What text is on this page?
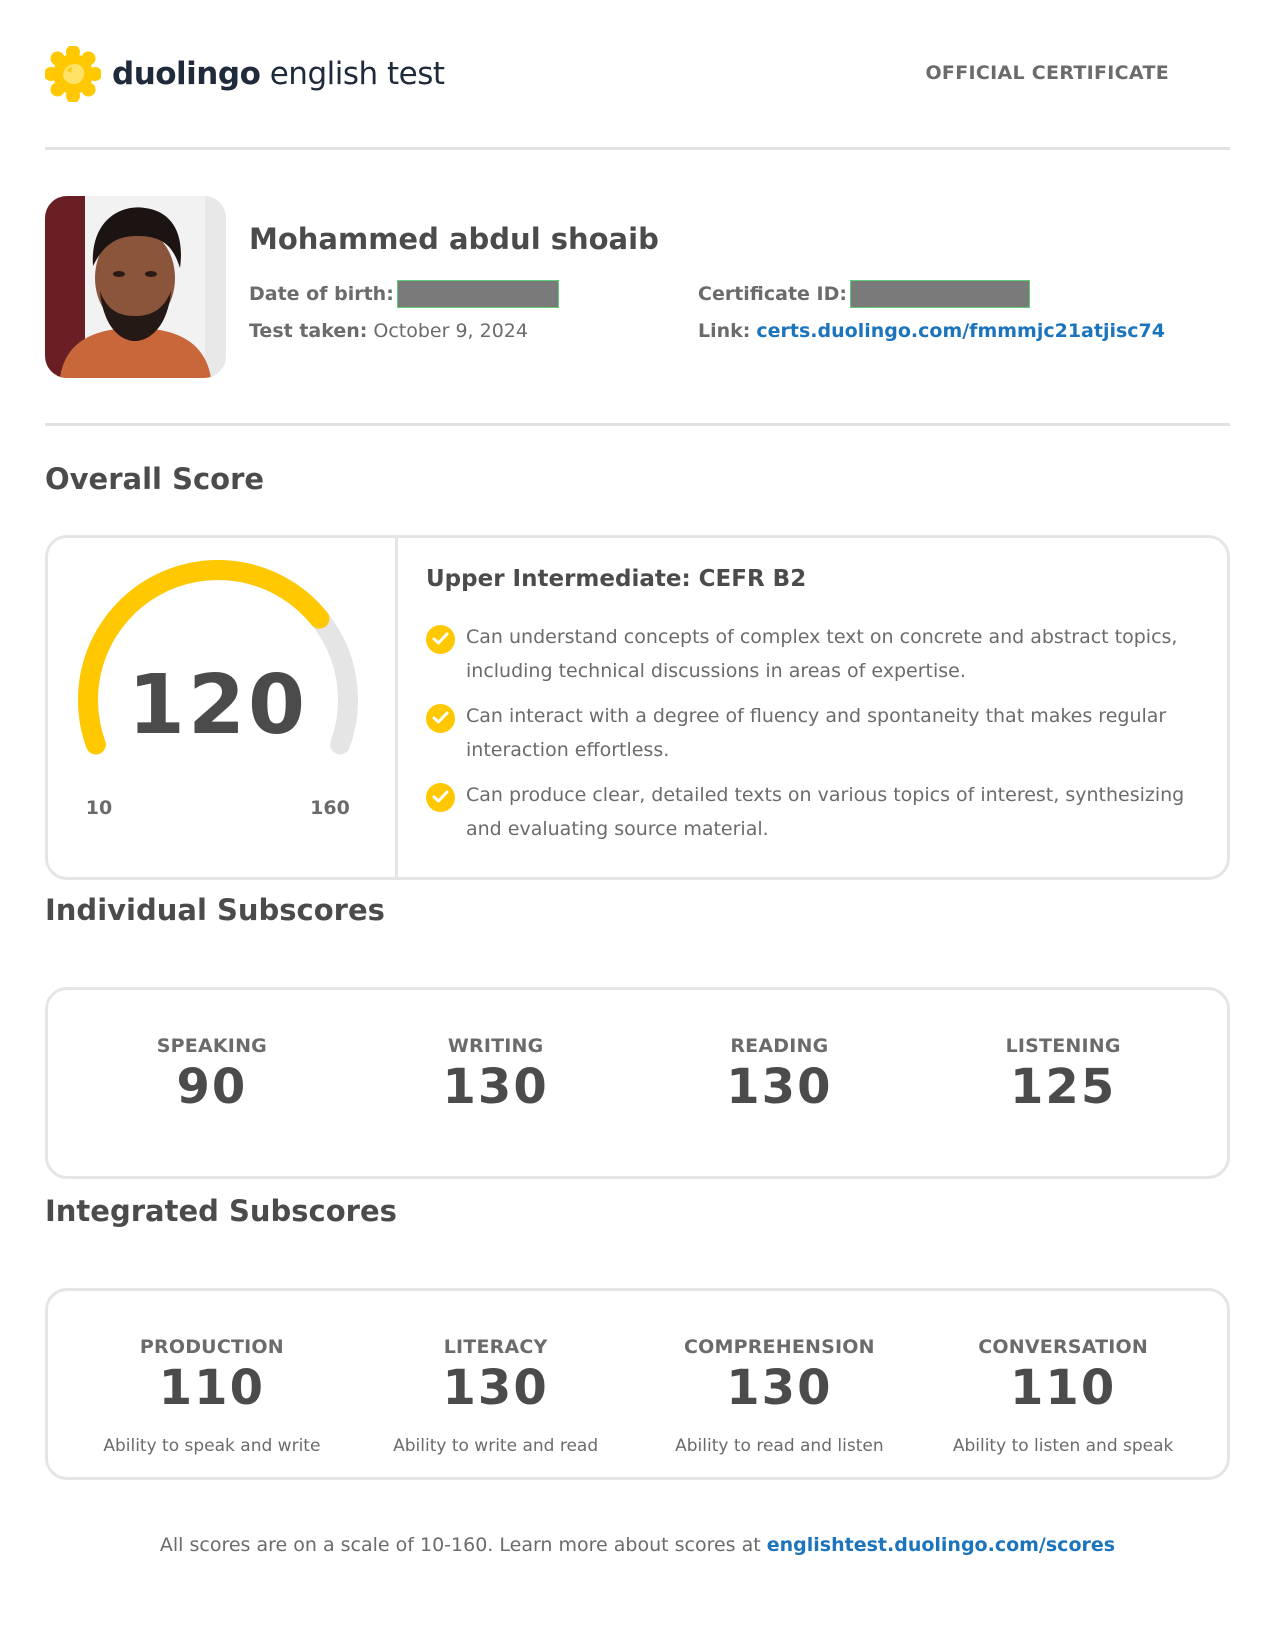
duolingo english test	OFFICIAL CERTIFICATE
Mohammed abdul shoaib
Date of birth:
Test taken: October 9, 2024
Certificate ID:
Link: certs.duolingo.com/fmmmjc21atjisc74
Overall Score
120
10	160
Upper Intermediate: CEFR B2
Can understand concepts of complex text on concrete and abstract topics, including technical discussions in areas of expertise.
Can interact with a degree of fluency and spontaneity that makes regular interaction effortless.
Can produce clear, detailed texts on various topics of interest, synthesizing and evaluating source material.
Individual Subscores
SPEAKING
90
WRITING
130
READING
130
LISTENING
125
Integrated Subscores
PRODUCTION
110
Ability to speak and write
LITERACY
130
Ability to write and read
COMPREHENSION
130
Ability to read and listen
CONVERSATION
110
Ability to listen and speak
All scores are on a scale of 10-160. Learn more about scores at englishtest.duolingo.com/scores
